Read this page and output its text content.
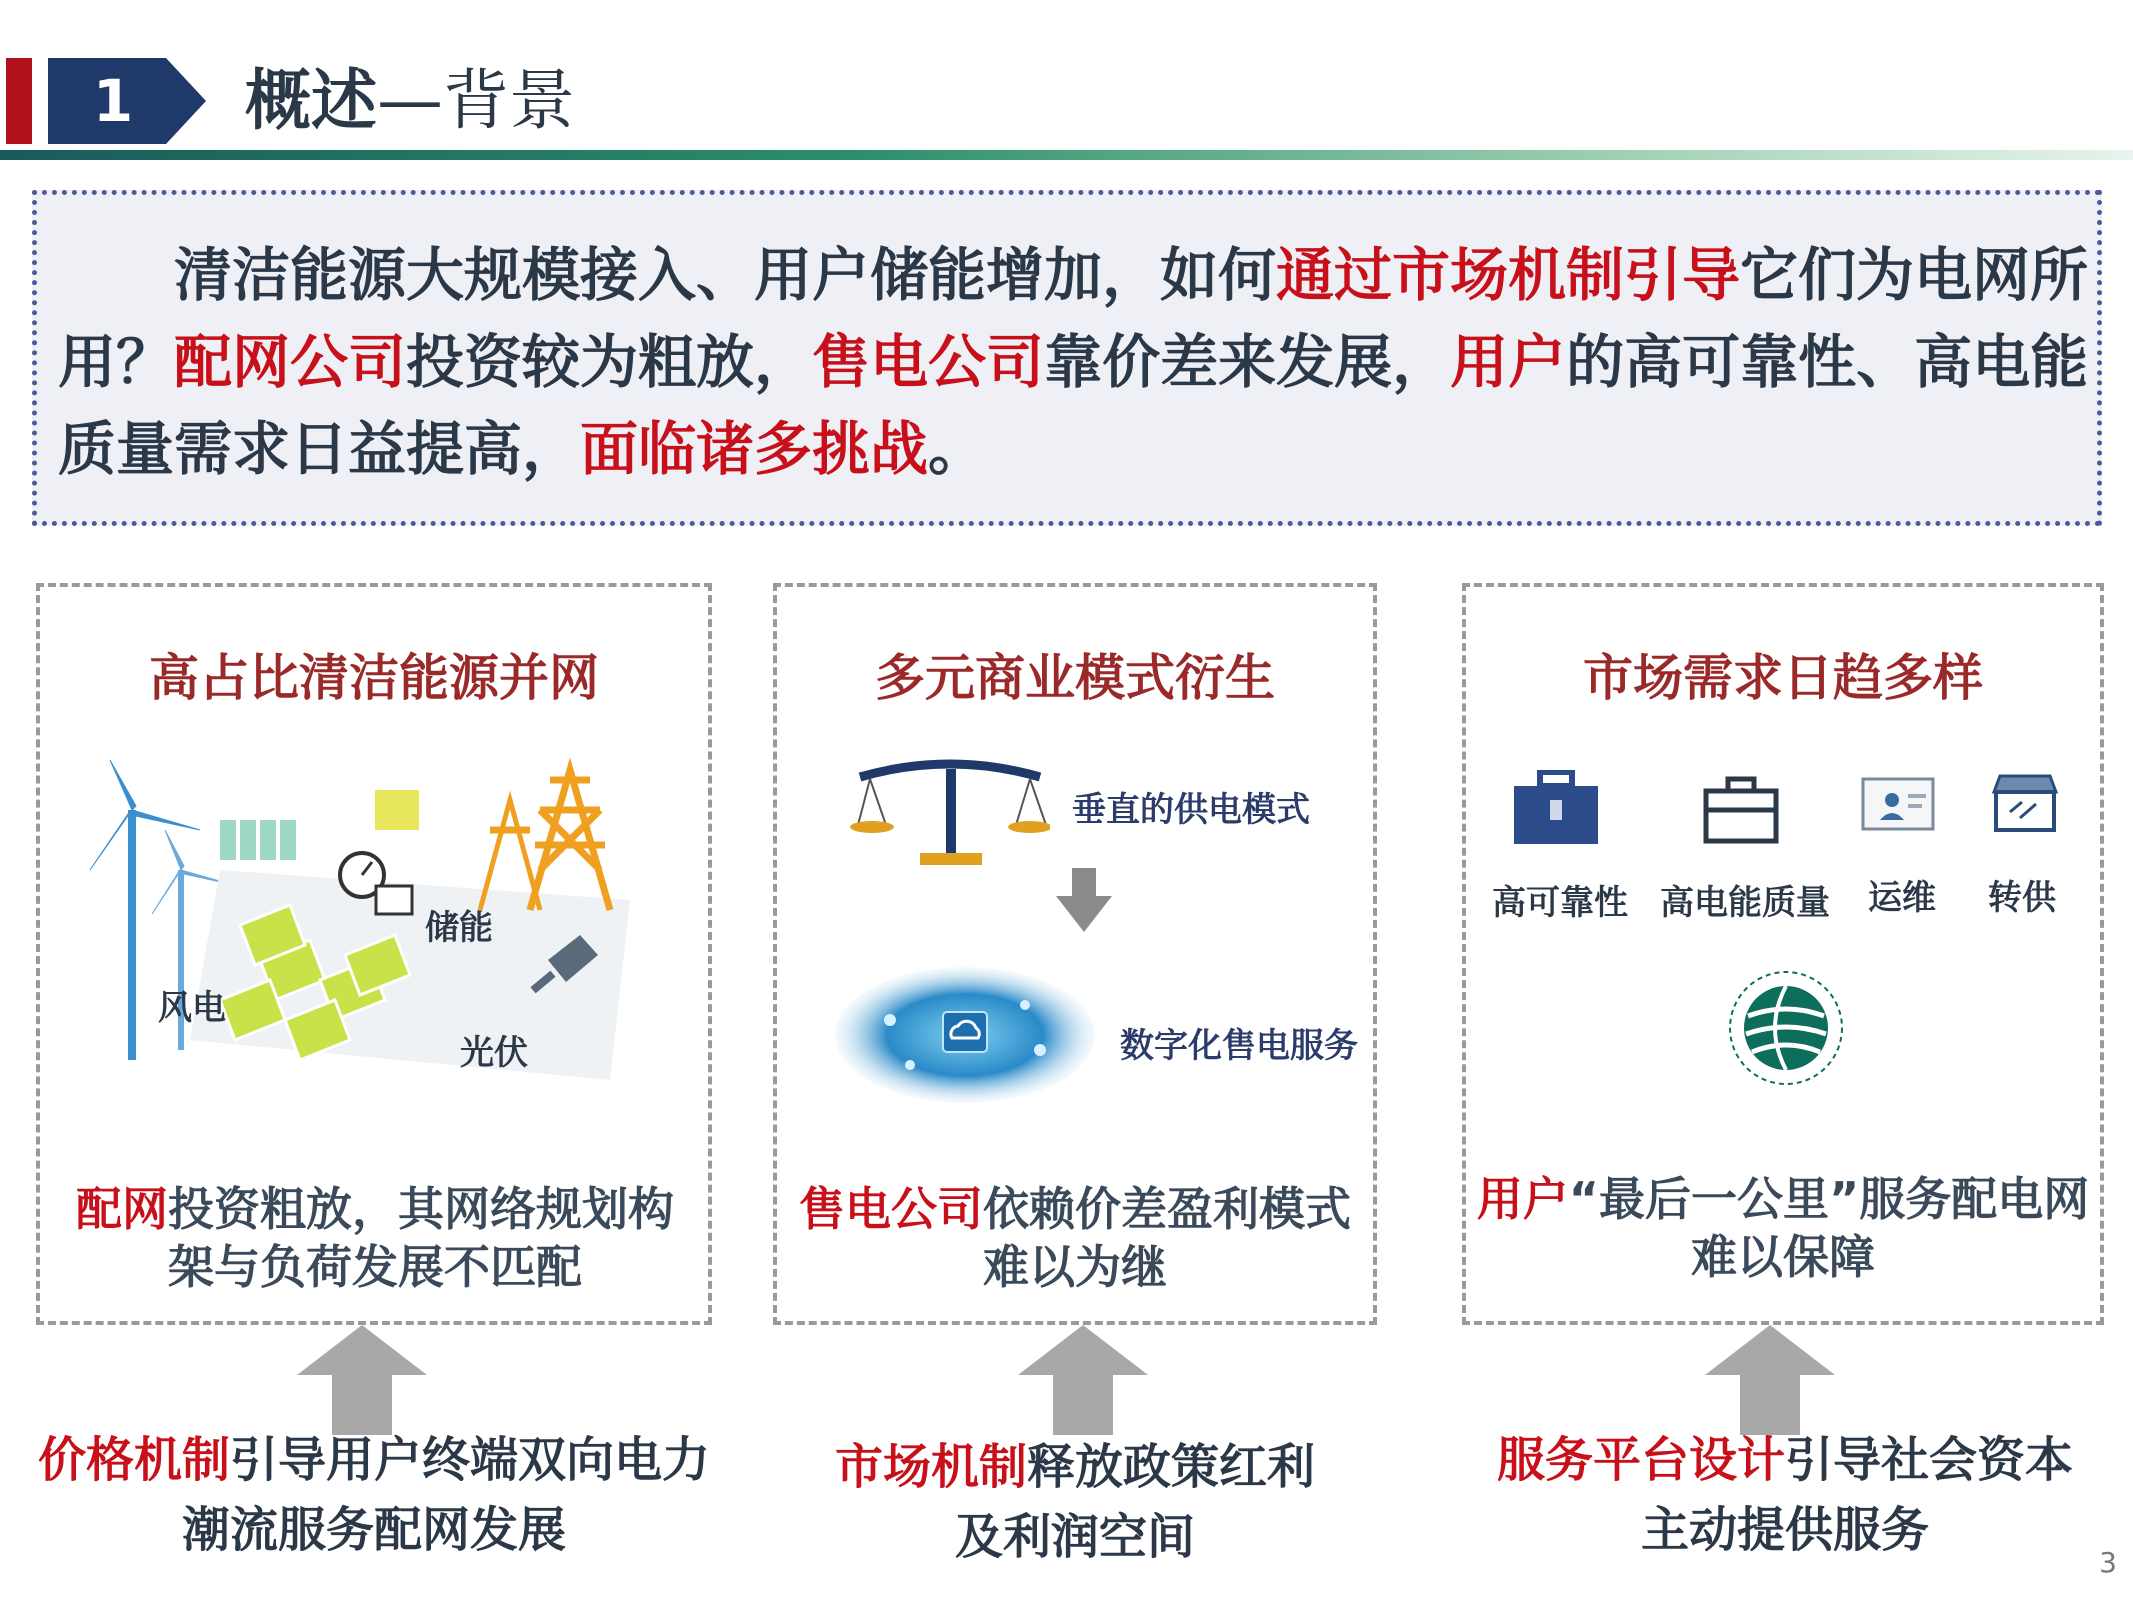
1	概述—背景
清洁能源大规模接入、用户储能增加，如何通过市场机制引导它们为电网所用？配网公司投资较为粗放，售电公司靠价差来发展，用户的高可靠性、高电能质量需求日益提高，面临诸多挑战。
高占比清洁能源并网
储能
风电
光伏
配网投资粗放，其网络规划构架与负荷发展不匹配
多元商业模式衍生
垂直的供电模式
数字化售电服务
售电公司依赖价差盈利模式难以为继
市场需求日趋多样
高可靠性 高电能质量 运维 转供
用户“最后一公里”服务配电网难以保障
价格机制引导用户终端双向电力潮流服务配网发展
市场机制释放政策红利及利润空间
服务平台设计引导社会资本主动提供服务
3
